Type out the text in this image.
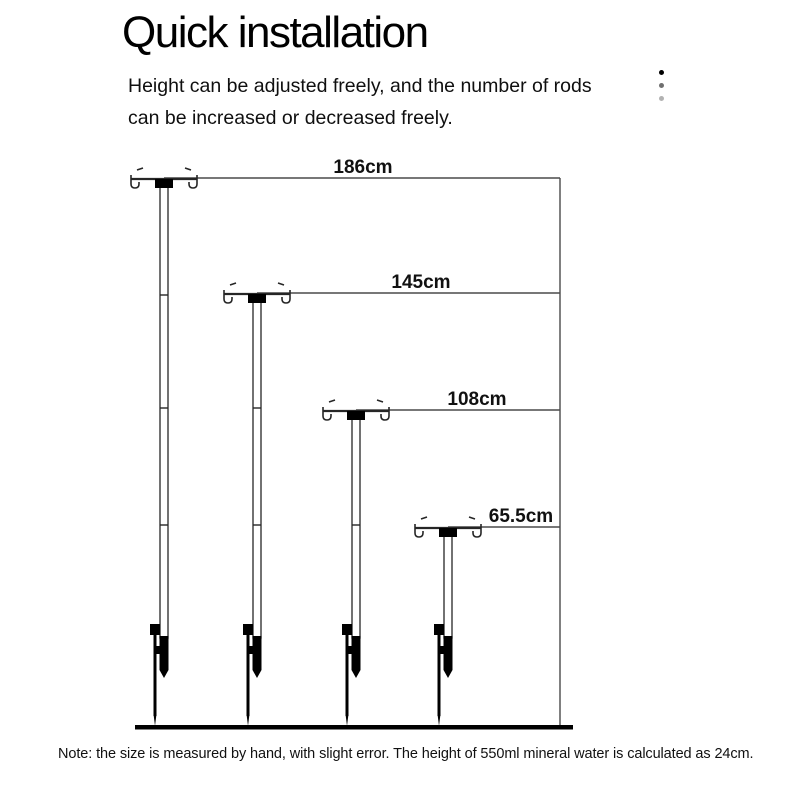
Quick installation
Height can be adjusted freely, and the number of rods
can be increased or decreased freely.
186cm
145cm
108cm
65.5cm
Note: the size is measured by hand, with slight error. The height of 550ml mineral water is calculated as 24cm.
